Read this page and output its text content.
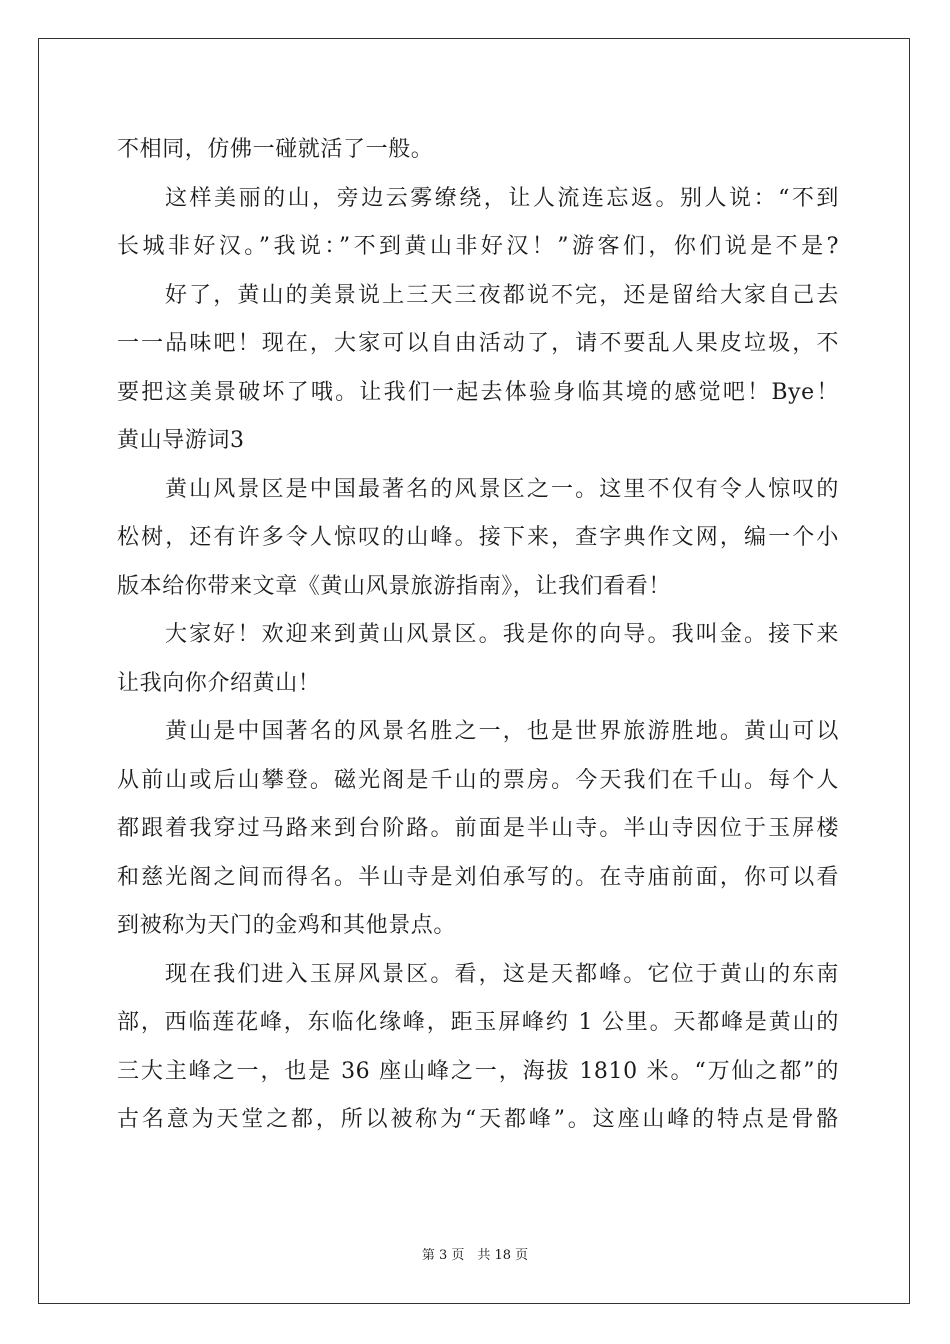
不相同，仿佛一碰就活了一般。
这样美丽的山，旁边云雾缭绕，让人流连忘返。别人说：“不到
长城非好汉。”我说：”不到黄山非好汉！”游客们，你们说是不是?
好了，黄山的美景说上三天三夜都说不完，还是留给大家自己去
一一品味吧！现在，大家可以自由活动了，请不要乱人果皮垃圾，不
要把这美景破坏了哦。让我们一起去体验身临其境的感觉吧！Bye！
黄山导游词3
黄山风景区是中国最著名的风景区之一。这里不仅有令人惊叹的
松树，还有许多令人惊叹的山峰。接下来，查字典作文网，编一个小
版本给你带来文章《黄山风景旅游指南》，让我们看看！
大家好！欢迎来到黄山风景区。我是你的向导。我叫金。接下来
让我向你介绍黄山！
黄山是中国著名的风景名胜之一，也是世界旅游胜地。黄山可以
从前山或后山攀登。磁光阁是千山的票房。今天我们在千山。每个人
都跟着我穿过马路来到台阶路。前面是半山寺。半山寺因位于玉屏楼
和慈光阁之间而得名。半山寺是刘伯承写的。在寺庙前面，你可以看
到被称为天门的金鸡和其他景点。
现在我们进入玉屏风景区。看，这是天都峰。它位于黄山的东南
部，西临莲花峰，东临化缘峰，距玉屏峰约 1 公里。天都峰是黄山的
三大主峰之一，也是 36 座山峰之一，海拔 1810 米。“万仙之都”的
古名意为天堂之都，所以被称为“天都峰”。这座山峰的特点是骨骼
第 3 页　共 18 页
